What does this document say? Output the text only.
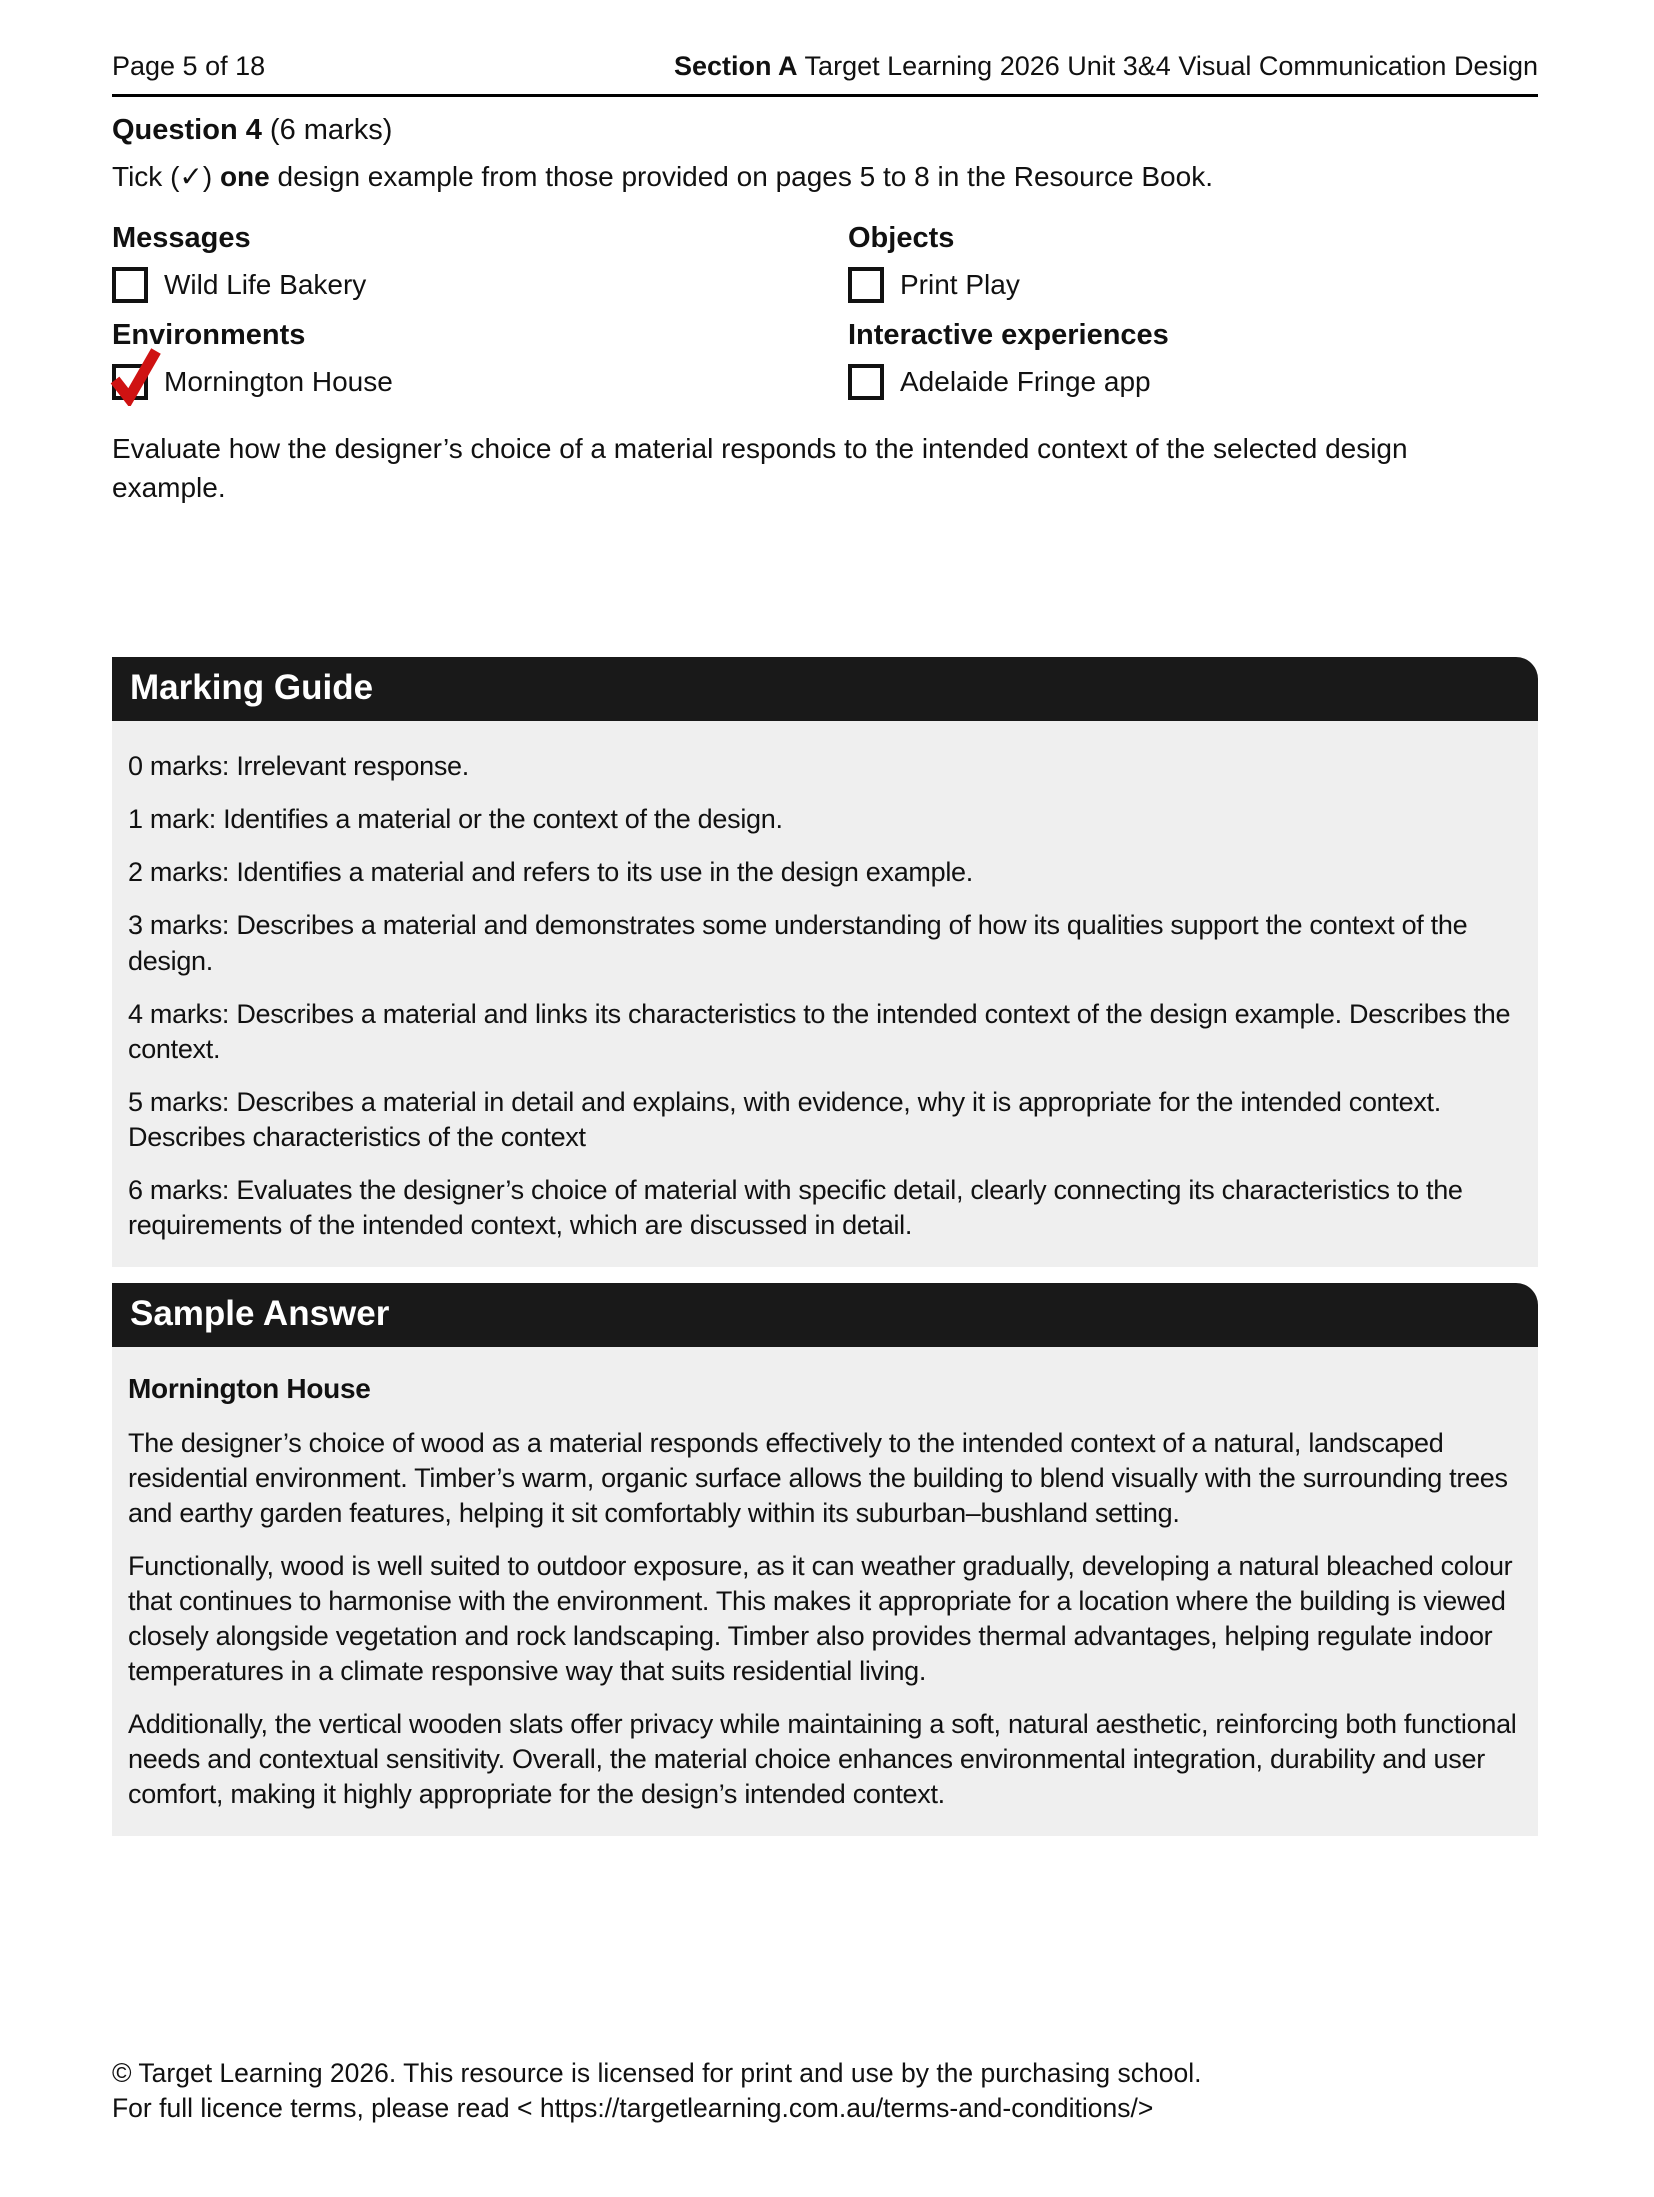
Page 5 of 18	Section A Target Learning 2026 Unit 3&4 Visual Communication Design
Question 4 (6 marks)
Tick (✓) one design example from those provided on pages 5 to 8 in the Resource Book.
Messages
Wild Life Bakery
Objects
Print Play
Environments
Mornington House
Interactive experiences
Adelaide Fringe app
Evaluate how the designer’s choice of a material responds to the intended context of the selected design example.
Marking Guide

0 marks: Irrelevant response.

1 mark: Identifies a material or the context of the design.

2 marks: Identifies a material and refers to its use in the design example.

3 marks: Describes a material and demonstrates some understanding of how its qualities support the context of the design.

4 marks: Describes a material and links its characteristics to the intended context of the design example. Describes the context.

5 marks: Describes a material in detail and explains, with evidence, why it is appropriate for the intended context. Describes characteristics of the context

6 marks: Evaluates the designer’s choice of material with specific detail, clearly connecting its characteristics to the requirements of the intended context, which are discussed in detail.

Sample Answer
Mornington House

The designer’s choice of wood as a material responds effectively to the intended context of a natural, landscaped residential environment. Timber’s warm, organic surface allows the building to blend visually with the surrounding trees and earthy garden features, helping it sit comfortably within its suburban–bushland setting.

Functionally, wood is well suited to outdoor exposure, as it can weather gradually, developing a natural bleached colour that continues to harmonise with the environment. This makes it appropriate for a location where the building is viewed closely alongside vegetation and rock landscaping. Timber also provides thermal advantages, helping regulate indoor temperatures in a climate responsive way that suits residential living.

Additionally, the vertical wooden slats offer privacy while maintaining a soft, natural aesthetic, reinforcing both functional needs and contextual sensitivity. Overall, the material choice enhances environmental integration, durability and user comfort, making it highly appropriate for the design’s intended context.

© Target Learning 2026. This resource is licensed for print and use by the purchasing school.
For full licence terms, please read < https://targetlearning.com.au/terms-and-conditions/>
